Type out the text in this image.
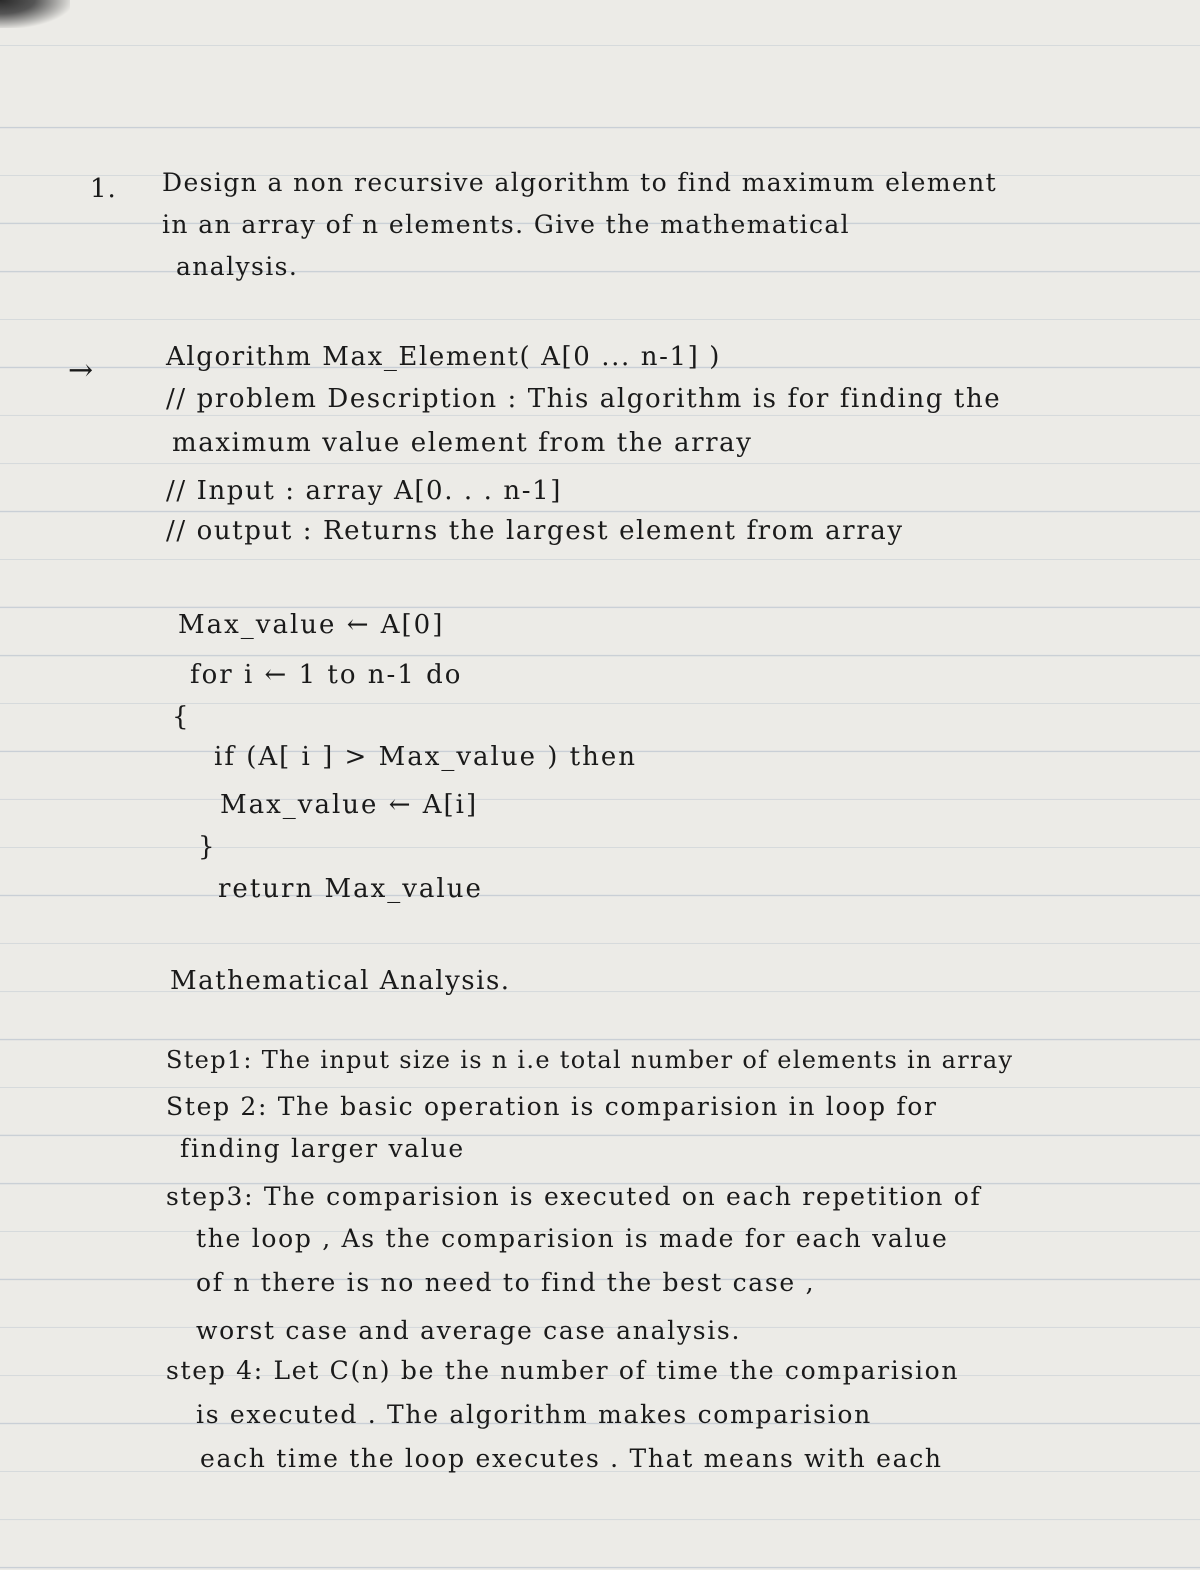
1. Design a non recursive algorithm to find maximum element
in an array of n elements. Give the mathematical
analysis.
→	Algorithm Max_Element( A[0 ... n-1] )
// problem Description : This algorithm is for finding the
maximum value element from the array
// Input : array A[0. . . n-1]
// output : Returns the largest element from array
Max_value ← A[0]
for i ← 1 to n-1 do
{
if (A[ i ] > Max_value ) then
Max_value ← A[i]
}
return Max_value
Mathematical Analysis.
Step1: The input size is n i.e total number of elements in array
Step 2: The basic operation is comparision in loop for
finding larger value
step3: The comparision is executed on each repetition of
the loop , As the comparision is made for each value
of n there is no need to find the best case ,
worst case and average case analysis.
step 4: Let C(n) be the number of time the comparision
is executed . The algorithm makes comparision
each time the loop executes . That means with each
